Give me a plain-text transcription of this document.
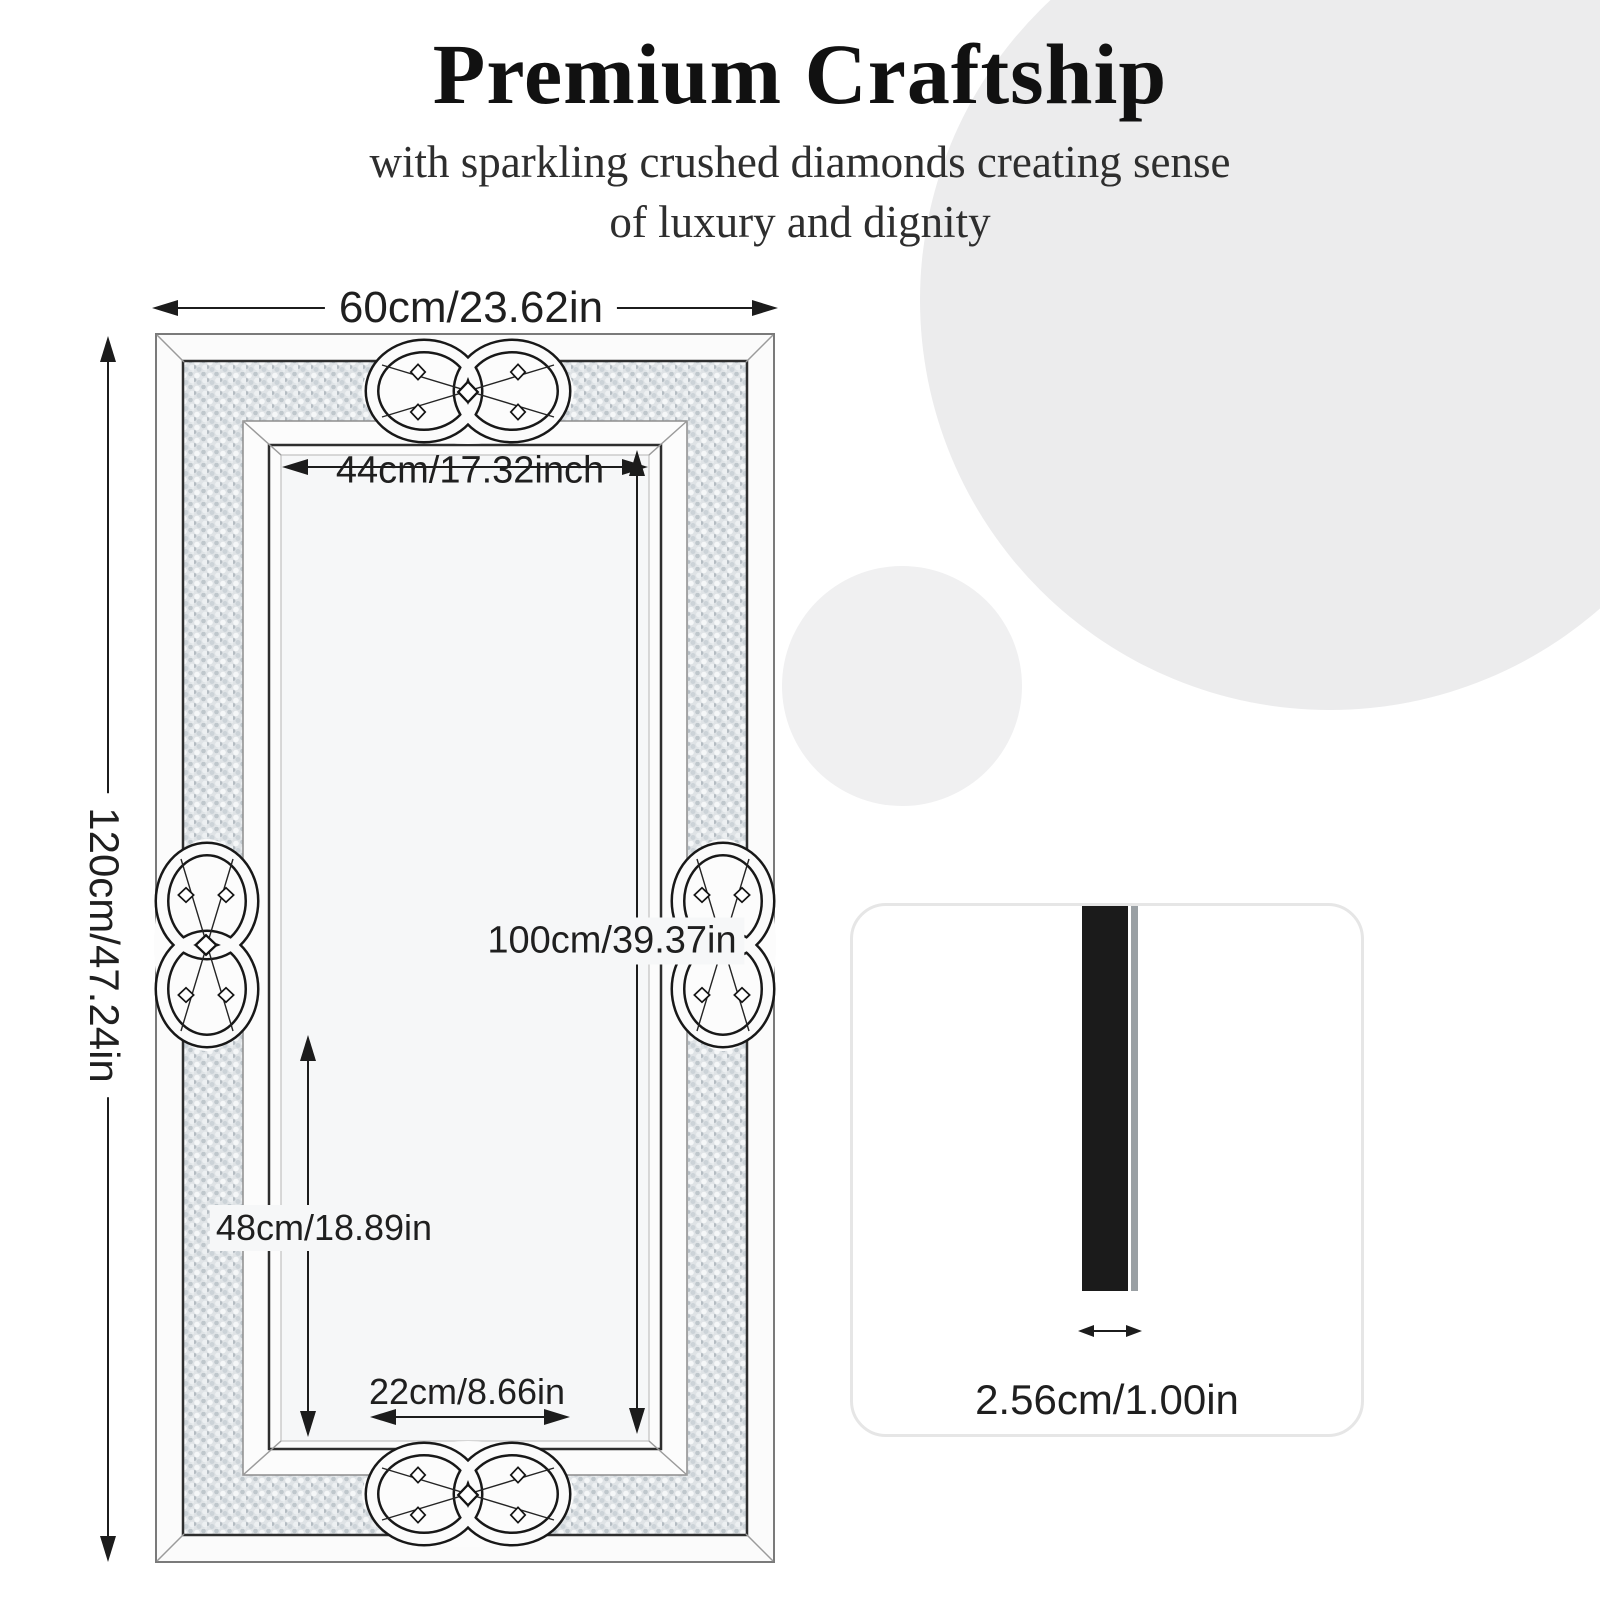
Premium Craftship
with sparkling crushed diamonds creating sense
of luxury and dignity
60cm/23.62in
120cm/47.24in
44cm/17.32inch
100cm/39.37in
48cm/18.89in
22cm/8.66in	2.56cm/1.00in
